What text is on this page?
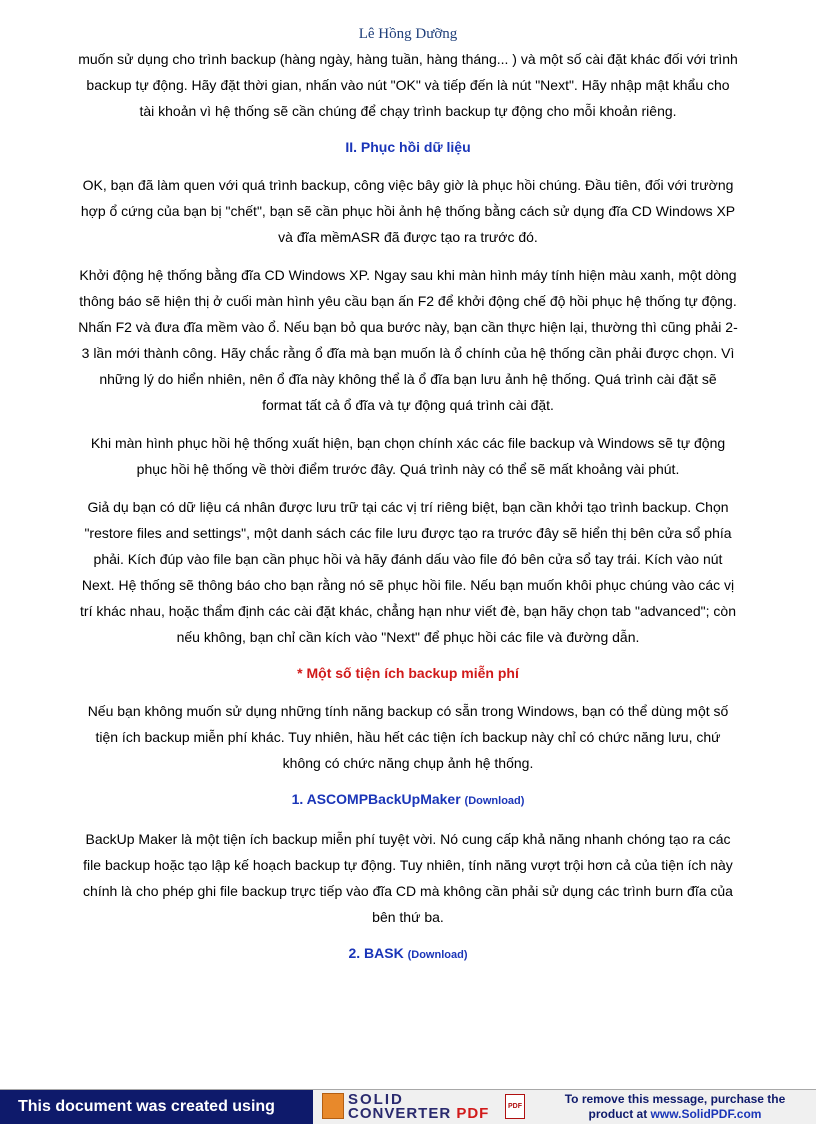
Lê Hồng Dưỡng

muốn sử dụng cho trình backup (hàng ngày, hàng tuần, hàng tháng... ) và một số cài đặt khác đối với trình backup tự động. Hãy đặt thời gian, nhấn vào nút "OK" và tiếp đến là nút "Next". Hãy nhập mật khẩu cho tài khoản vì hệ thống sẽ cần chúng để chạy trình backup tự động cho mỗi khoản riêng.

II. Phục hồi dữ liệu

OK, bạn đã làm quen với quá trình backup, công việc bây giờ là phục hồi chúng. Đầu tiên, đối với trường hợp ổ cứng của bạn bị "chết", bạn sẽ cần phục hồi ảnh hệ thống bằng cách sử dụng đĩa CD Windows XP và đĩa mềmASR đã được tạo ra trước đó.

Khởi động hệ thống bằng đĩa CD Windows XP. Ngay sau khi màn hình máy tính hiện màu xanh, một dòng thông báo sẽ hiện thị ở cuối màn hình yêu cầu bạn ấn F2 để khởi động chế độ hồi phục hệ thống tự động. Nhấn F2 và đưa đĩa mềm vào ổ. Nếu bạn bỏ qua bước này, bạn cần thực hiện lại, thường thì cũng phải 2-3 lần mới thành công. Hãy chắc rằng ổ đĩa mà bạn muốn là ổ chính của hệ thống cần phải được chọn. Vì những lý do hiển nhiên, nên ổ đĩa này không thể là ổ đĩa bạn lưu ảnh hệ thống. Quá trình cài đặt sẽ format tất cả ổ đĩa và tự động quá trình cài đặt.

Khi màn hình phục hồi hệ thống xuất hiện, bạn chọn chính xác các file backup và Windows sẽ tự động phục hồi hệ thống về thời điểm trước đây. Quá trình này có thể sẽ mất khoảng vài phút.

Giả dụ bạn có dữ liệu cá nhân được lưu trữ tại các vị trí riêng biệt, bạn cần khởi tạo trình backup. Chọn "restore files and settings", một danh sách các file lưu được tạo ra trước đây sẽ hiển thị bên cửa sổ phía phải. Kích đúp vào file bạn cần phục hồi và hãy đánh dấu vào file đó bên cửa sổ tay trái. Kích vào nút Next. Hệ thống sẽ thông báo cho bạn rằng nó sẽ phục hồi file. Nếu bạn muốn khôi phục chúng vào các vị trí khác nhau, hoặc thẩm định các cài đặt khác, chẳng hạn như viết đè, bạn hãy chọn tab "advanced"; còn nếu không, bạn chỉ cần kích vào "Next" để phục hồi các file và đường dẫn.

* Một số tiện ích backup miễn phí

Nếu bạn không muốn sử dụng những tính năng backup có sẵn trong Windows, bạn có thể dùng một số tiện ích backup miễn phí khác. Tuy nhiên, hầu hết các tiện ích backup này chỉ có chức năng lưu, chứ không có chức năng chụp ảnh hệ thống.

1. ASCOMPBackUpMaker (Download)

BackUp Maker là một tiện ích backup miễn phí tuyệt vời. Nó cung cấp khả năng nhanh chóng tạo ra các file backup hoặc tạo lập kế hoạch backup tự động. Tuy nhiên, tính năng vượt trội hơn cả của tiện ích này chính là cho phép ghi file backup trực tiếp vào đĩa CD mà không cần phải sử dụng các trình burn đĩa của bên thứ ba.

2. BASK (Download)
This document was created using	SOLID
CONVERTER PDF	PDF
To remove this message, purchase the
product at www.SolidPDF.com
